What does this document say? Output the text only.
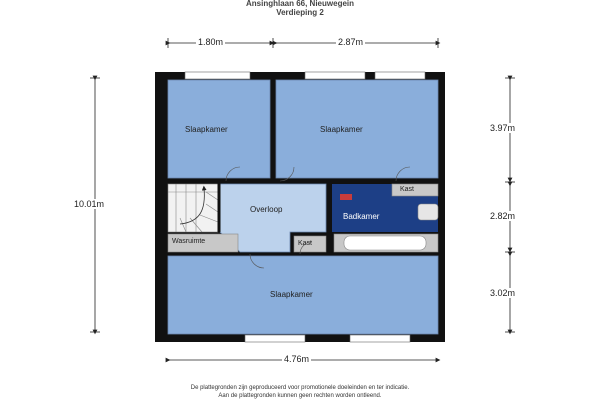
Ansinghlaan 66, Nieuwegein
Verdieping 2
1.80m	2.87m
4.76m
10.01m
3.97m
2.82m
3.02m
Slaapkamer	Slaapkamer
Slaapkamer
Overloop
Badkamer
Kast
Kast
Wasruimte
De plattegronden zijn geproduceerd voor promotionele doeleinden en ter indicatie.
Aan de plattegronden kunnen geen rechten worden ontleend.
